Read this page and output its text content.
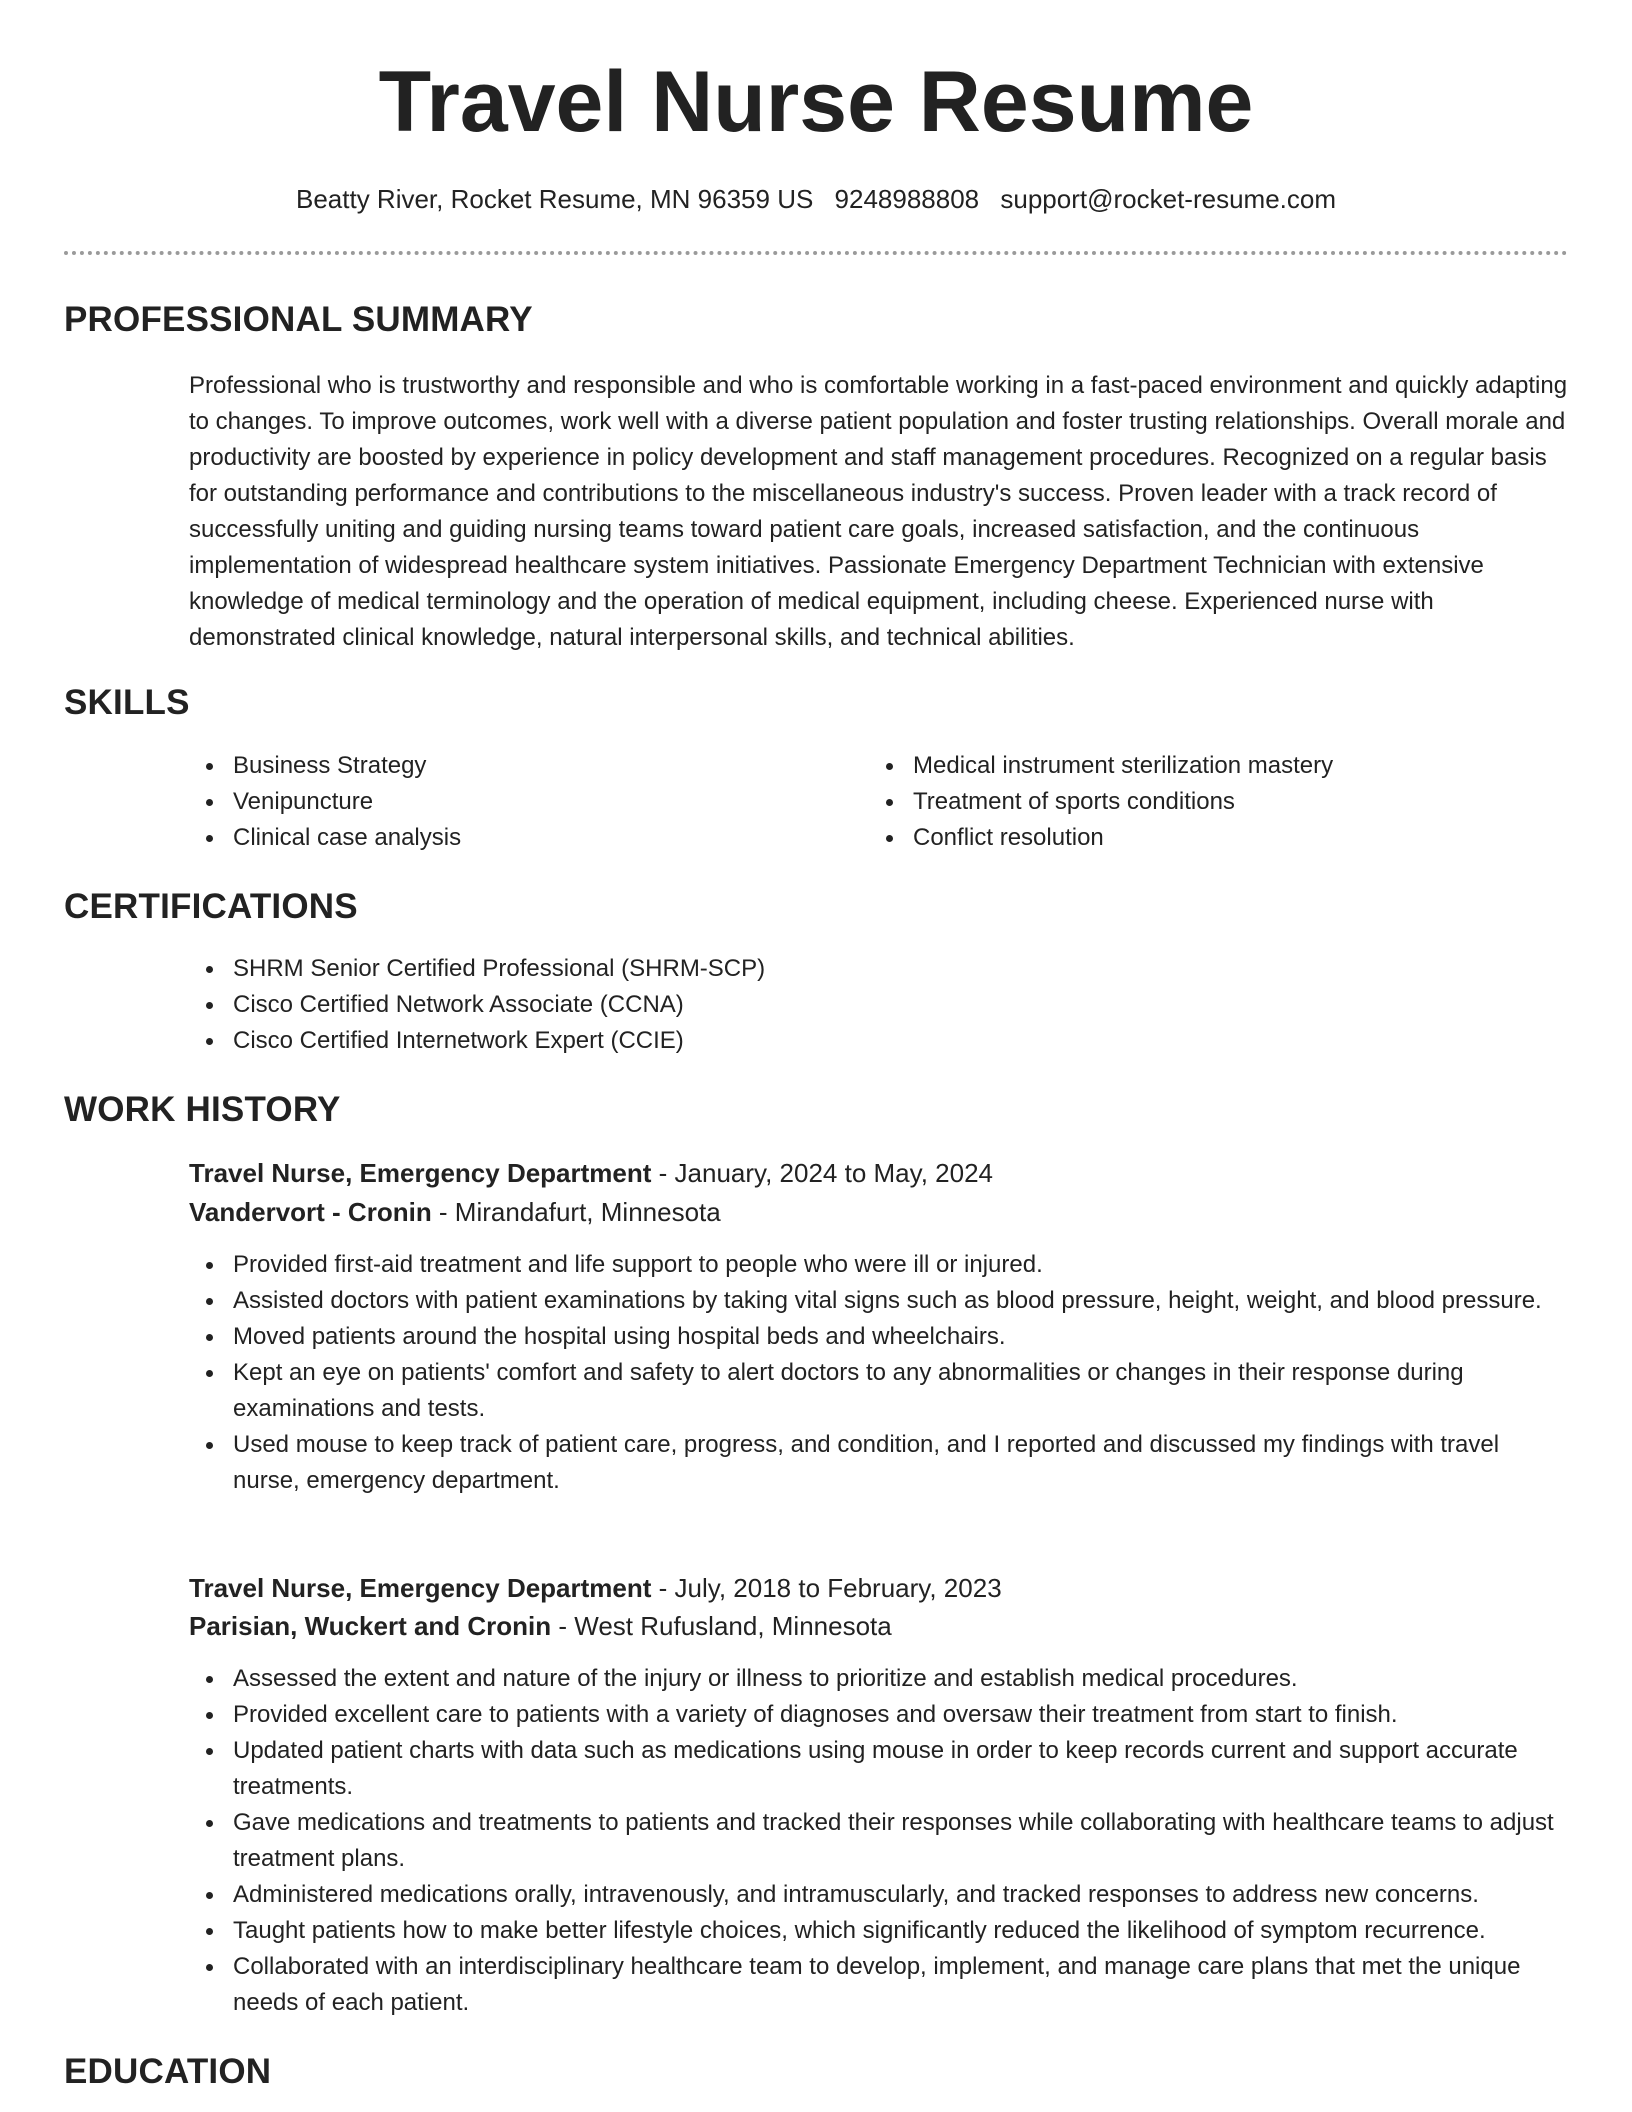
Travel Nurse Resume
Beatty River, Rocket Resume, MN 96359 US 9248988808 support@rocket-resume.com
PROFESSIONAL SUMMARY

Professional who is trustworthy and responsible and who is comfortable working in a fast-paced environment and quickly adapting to changes. To improve outcomes, work well with a diverse patient population and foster trusting relationships. Overall morale and productivity are boosted by experience in policy development and staff management procedures. Recognized on a regular basis for outstanding performance and contributions to the miscellaneous industry's success. Proven leader with a track record of successfully uniting and guiding nursing teams toward patient care goals, increased satisfaction, and the continuous implementation of widespread healthcare system initiatives. Passionate Emergency Department Technician with extensive knowledge of medical terminology and the operation of medical equipment, including cheese. Experienced nurse with demonstrated clinical knowledge, natural interpersonal skills, and technical abilities.

SKILLS
Business Strategy
Venipuncture
Clinical case analysis
Medical instrument sterilization mastery
Treatment of sports conditions
Conflict resolution
CERTIFICATIONS
SHRM Senior Certified Professional (SHRM-SCP)
Cisco Certified Network Associate (CCNA)
Cisco Certified Internetwork Expert (CCIE)
WORK HISTORY
Travel Nurse, Emergency Department - January, 2024 to May, 2024
Vandervort - Cronin - Mirandafurt, Minnesota
Provided first-aid treatment and life support to people who were ill or injured.
Assisted doctors with patient examinations by taking vital signs such as blood pressure, height, weight, and blood pressure.
Moved patients around the hospital using hospital beds and wheelchairs.
Kept an eye on patients' comfort and safety to alert doctors to any abnormalities or changes in their response during examinations and tests.
Used mouse to keep track of patient care, progress, and condition, and I reported and discussed my findings with travel nurse, emergency department.
Travel Nurse, Emergency Department - July, 2018 to February, 2023
Parisian, Wuckert and Cronin - West Rufusland, Minnesota
Assessed the extent and nature of the injury or illness to prioritize and establish medical procedures.
Provided excellent care to patients with a variety of diagnoses and oversaw their treatment from start to finish.
Updated patient charts with data such as medications using mouse in order to keep records current and support accurate treatments.
Gave medications and treatments to patients and tracked their responses while collaborating with healthcare teams to adjust treatment plans.
Administered medications orally, intravenously, and intramuscularly, and tracked responses to address new concerns.
Taught patients how to make better lifestyle choices, which significantly reduced the likelihood of symptom recurrence.
Collaborated with an interdisciplinary healthcare team to develop, implement, and manage care plans that met the unique needs of each patient.
EDUCATION
